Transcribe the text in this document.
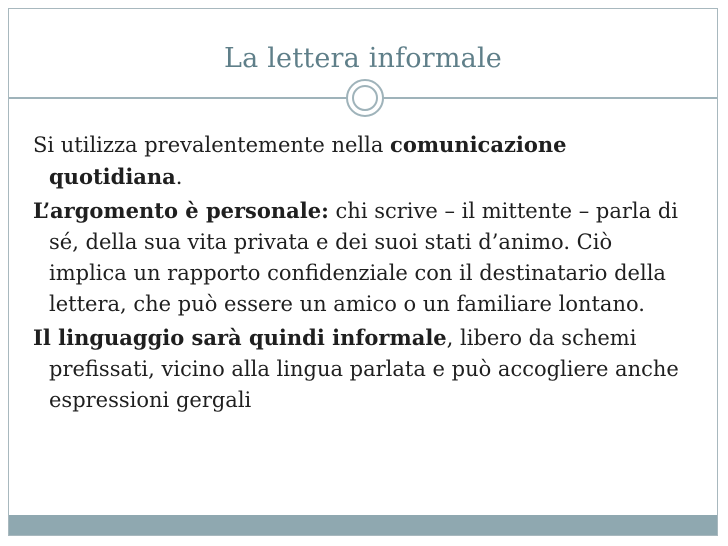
La lettera informale

Si utilizza prevalentemente nella comunicazione quotidiana.

L’argomento è personale: chi scrive – il mittente – parla di sé, della sua vita privata e dei suoi stati d’animo. Ciò implica un rapporto confidenziale con il destinatario della lettera, che può essere un amico o un familiare lontano.

Il linguaggio sarà quindi informale, libero da schemi prefissati, vicino alla lingua parlata e può accogliere anche espressioni gergali
